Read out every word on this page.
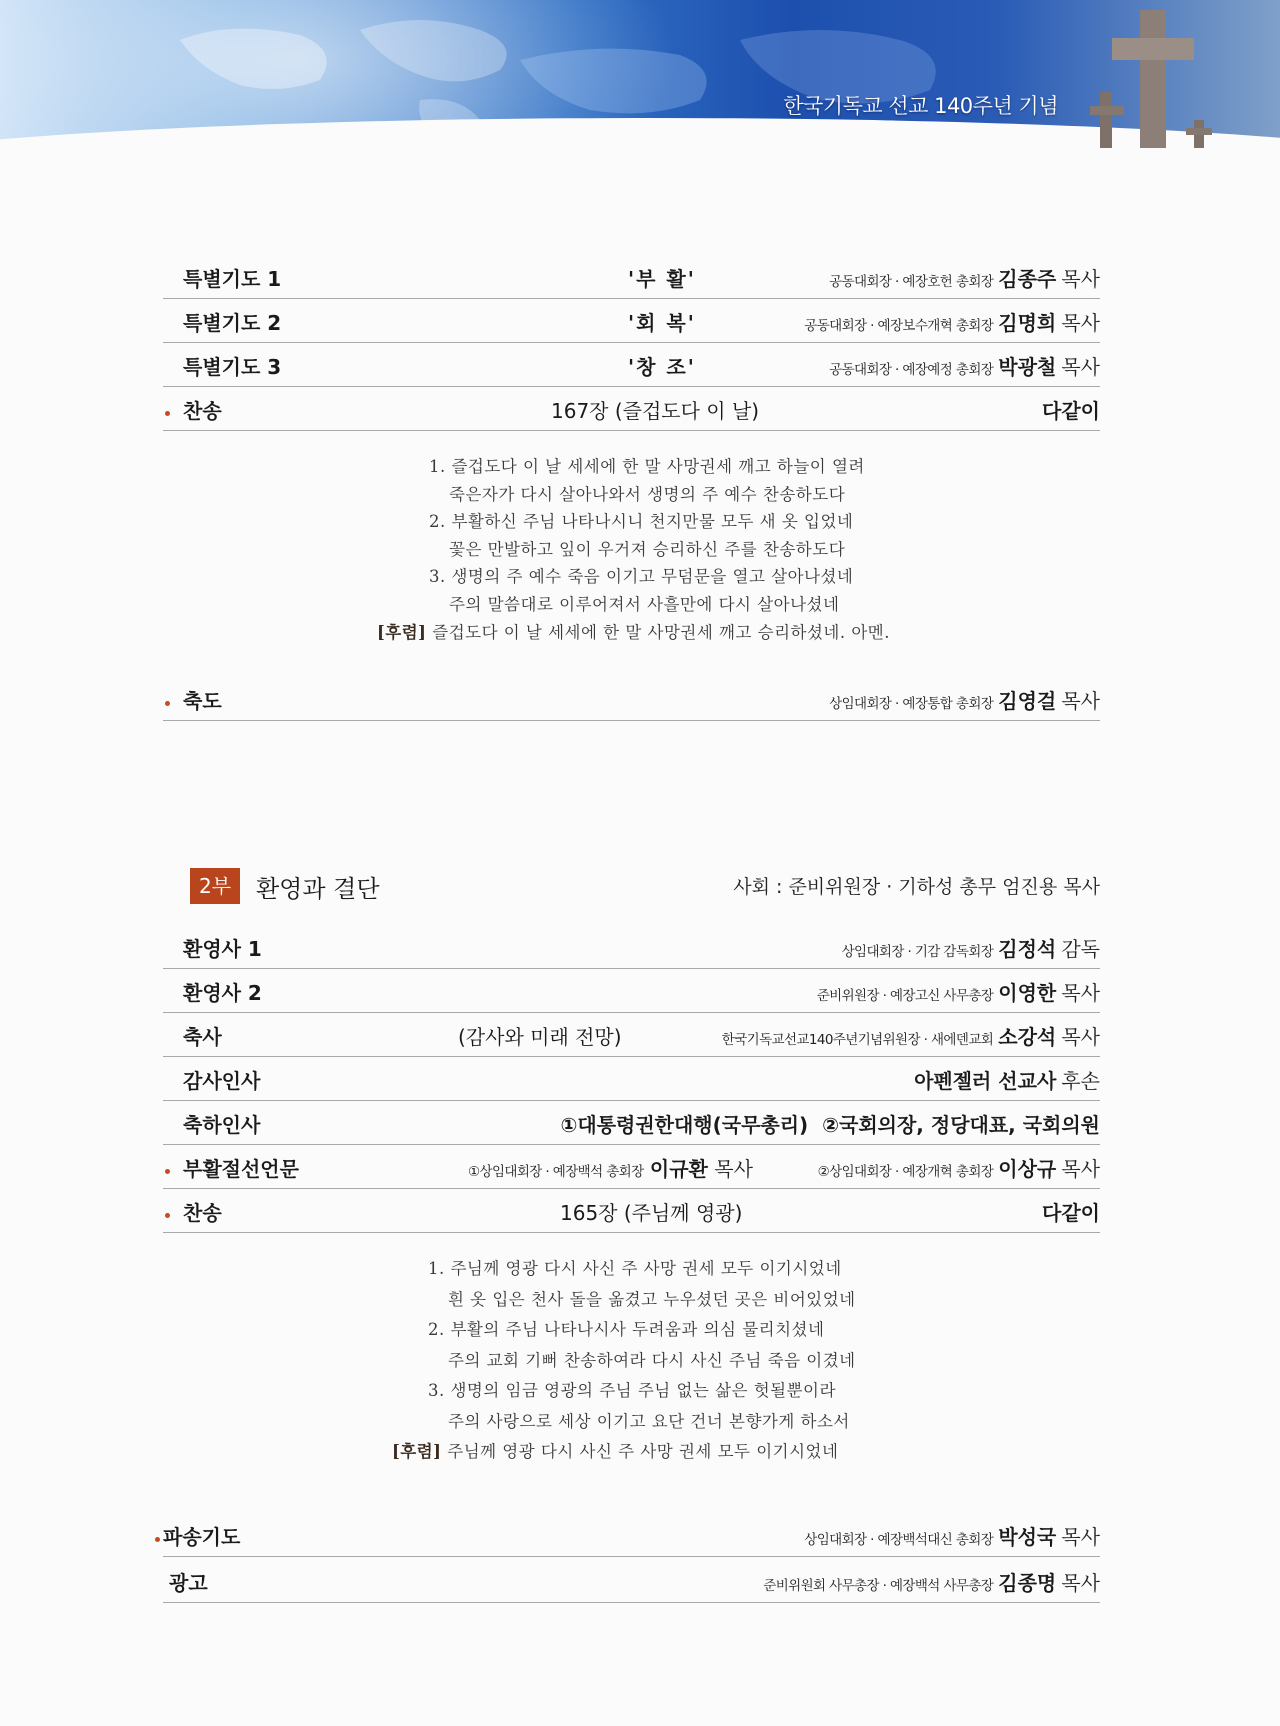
한국기독교 선교 140주년 기념
특별기도 1	'부 활'	공동대회장 · 예장호헌 총회장 김종주 목사
특별기도 2	'회 복'	공동대회장 · 예장보수개혁 총회장 김명희 목사
특별기도 3	'창 조'	공동대회장 · 예장예정 총회장 박광철 목사
찬송	167장 (즐겁도다 이 날)	다같이
1. 즐겁도다 이 날 세세에 한 말 사망권세 깨고 하늘이 열려
죽은자가 다시 살아나와서 생명의 주 예수 찬송하도다
2. 부활하신 주님 나타나시니 천지만물 모두 새 옷 입었네
꽃은 만발하고 잎이 우거져 승리하신 주를 찬송하도다
3. 생명의 주 예수 죽음 이기고 무덤문을 열고 살아나셨네
주의 말씀대로 이루어져서 사흘만에 다시 살아나셨네
[후렴] 즐겁도다 이 날 세세에 한 말 사망권세 깨고 승리하셨네. 아멘.
축도	상임대회장 · 예장통합 총회장 김영걸 목사
2부	환영과 결단	사회 : 준비위원장 · 기하성 총무 엄진용 목사
환영사 1	상임대회장 · 기감 감독회장 김정석 감독
환영사 2	준비위원장 · 예장고신 사무총장 이영한 목사
축사	(감사와 미래 전망)	한국기독교선교140주년기념위원장 · 새에덴교회 소강석 목사
감사인사	아펜젤러 선교사 후손
축하인사	①대통령권한대행(국무총리)  ②국회의장, 정당대표, 국회의원
부활절선언문	①상임대회장 · 예장백석 총회장 이규환 목사	②상임대회장 · 예장개혁 총회장 이상규 목사
찬송	165장 (주님께 영광)	다같이
1. 주님께 영광 다시 사신 주 사망 권세 모두 이기시었네
흰 옷 입은 천사 돌을 옮겼고 누우셨던 곳은 비어있었네
2. 부활의 주님 나타나시사 두려움과 의심 물리치셨네
주의 교회 기뻐 찬송하여라 다시 사신 주님 죽음 이겼네
3. 생명의 임금 영광의 주님 주님 없는 삶은 헛될뿐이라
주의 사랑으로 세상 이기고 요단 건너 본향가게 하소서
[후렴] 주님께 영광 다시 사신 주 사망 권세 모두 이기시었네
파송기도	상임대회장 · 예장백석대신 총회장 박성국 목사
광고	준비위원회 사무총장 · 예장백석 사무총장 김종명 목사
